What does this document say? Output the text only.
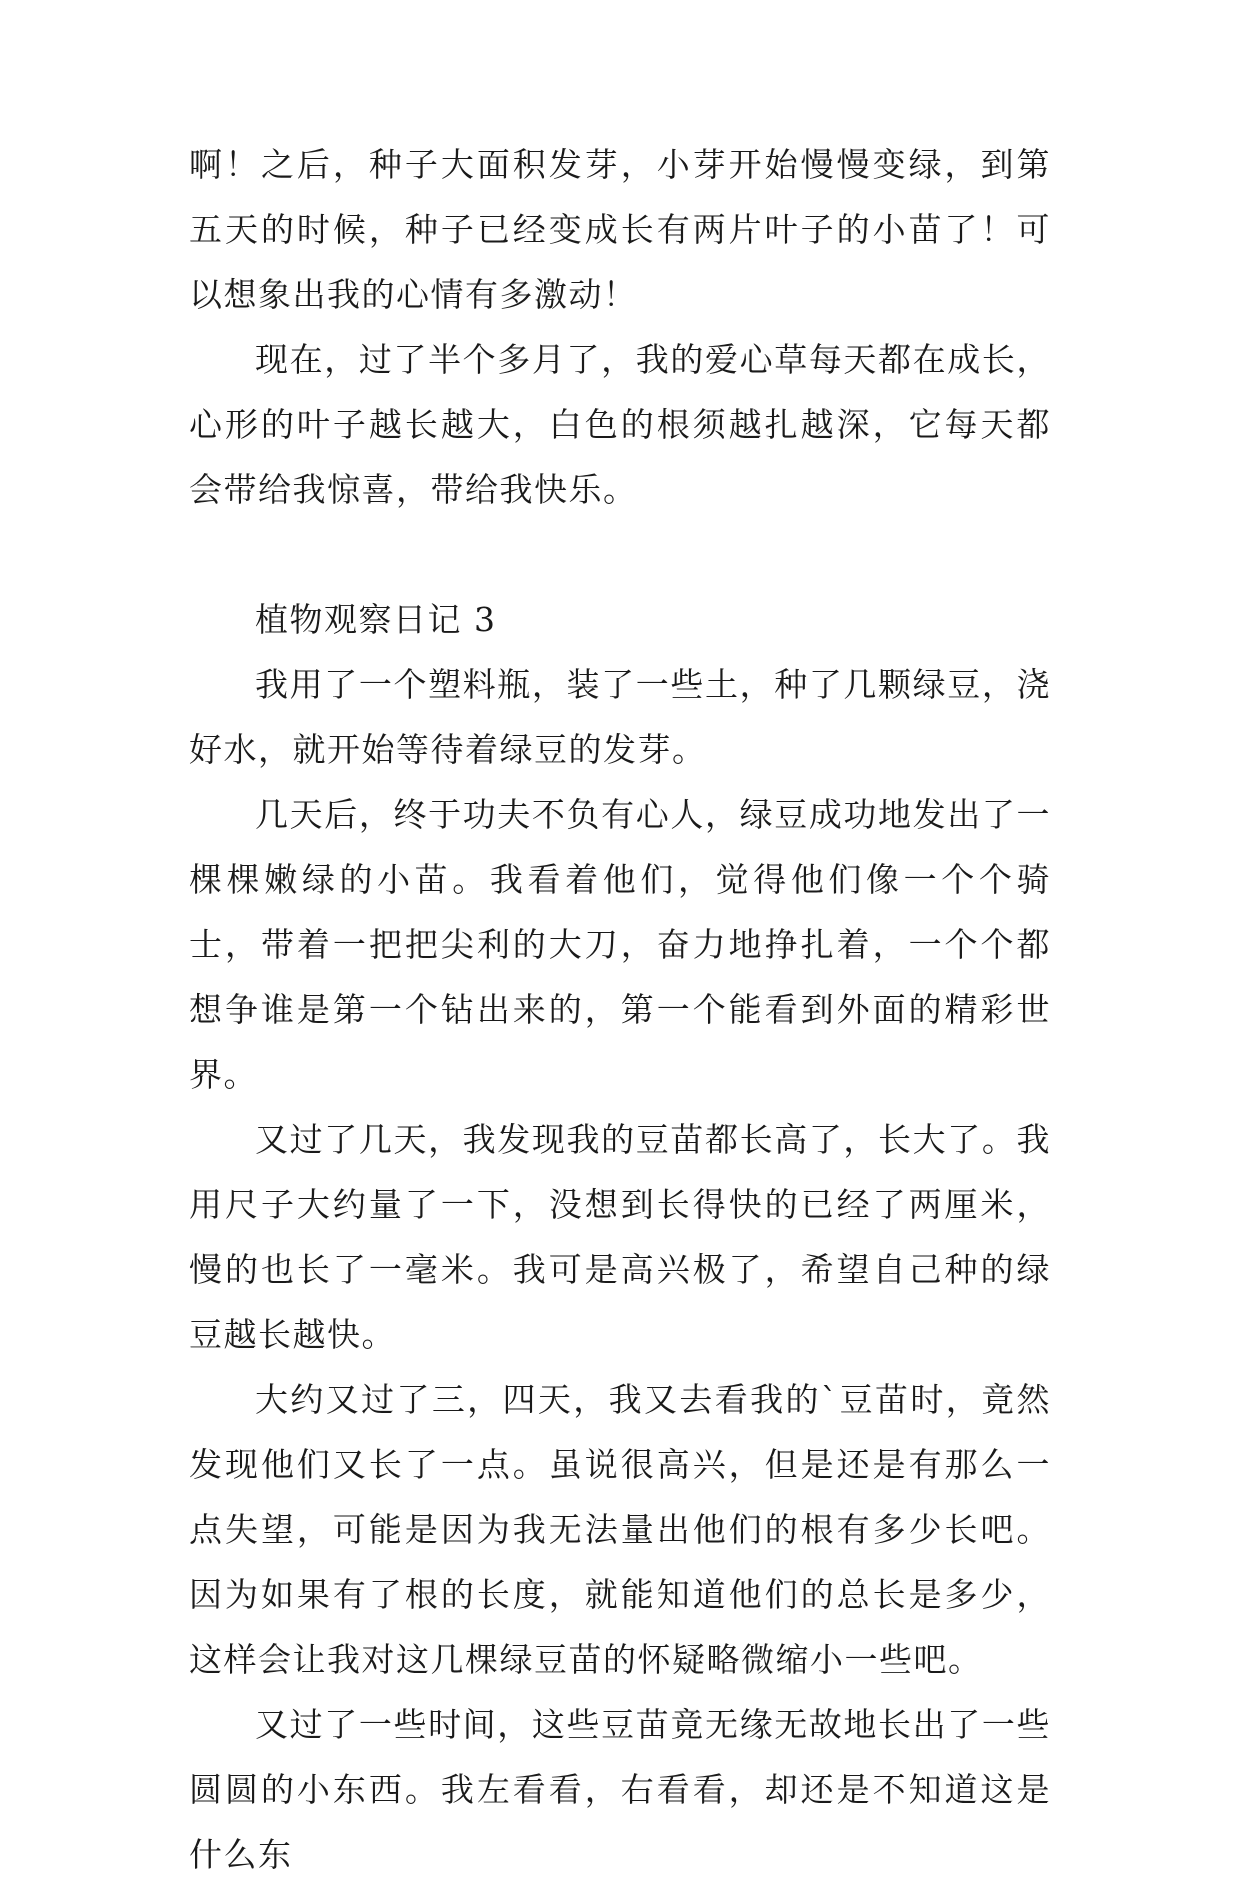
啊！之后，种子大面积发芽，小芽开始慢慢变绿，到第五天的时候，种子已经变成长有两片叶子的小苗了！可以想象出我的心情有多激动！

现在，过了半个多月了，我的爱心草每天都在成长，心形的叶子越长越大，白色的根须越扎越深，它每天都会带给我惊喜，带给我快乐。

植物观察日记 3

我用了一个塑料瓶，装了一些土，种了几颗绿豆，浇好水，就开始等待着绿豆的发芽。

几天后，终于功夫不负有心人，绿豆成功地发出了一棵棵嫩绿的小苗。我看着他们，觉得他们像一个个骑士，带着一把把尖利的大刀，奋力地挣扎着，一个个都想争谁是第一个钻出来的，第一个能看到外面的精彩世界。

又过了几天，我发现我的豆苗都长高了，长大了。我用尺子大约量了一下，没想到长得快的已经了两厘米，慢的也长了一毫米。我可是高兴极了，希望自己种的绿豆越长越快。

大约又过了三，四天，我又去看我的`豆苗时，竟然发现他们又长了一点。虽说很高兴，但是还是有那么一点失望，可能是因为我无法量出他们的根有多少长吧。因为如果有了根的长度，就能知道他们的总长是多少，这样会让我对这几棵绿豆苗的怀疑略微缩小一些吧。

又过了一些时间，这些豆苗竟无缘无故地长出了一些圆圆的小东西。我左看看，右看看，却还是不知道这是什么东
